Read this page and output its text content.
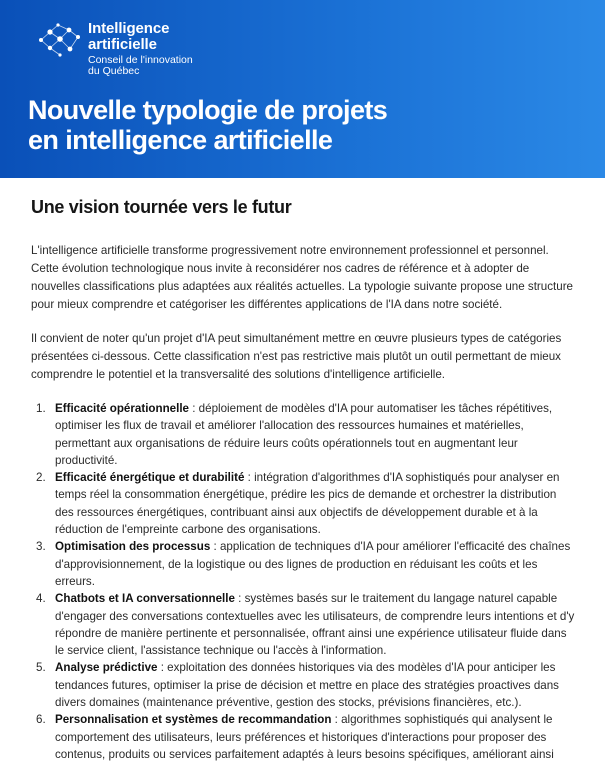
Intelligence
artificielle
Conseil de l'innovation
du Québec
Nouvelle typologie de projets
en intelligence artificielle
Une vision tournée vers le futur

L'intelligence artificielle transforme progressivement notre environnement professionnel et personnel. Cette évolution technologique nous invite à reconsidérer nos cadres de référence et à adopter de nouvelles classifications plus adaptées aux réalités actuelles. La typologie suivante propose une structure pour mieux comprendre et catégoriser les différentes applications de l'IA dans notre société.

Il convient de noter qu'un projet d'IA peut simultanément mettre en œuvre plusieurs types de catégories présentées ci-dessous. Cette classification n'est pas restrictive mais plutôt un outil permettant de mieux comprendre le potentiel et la transversalité des solutions d'intelligence artificielle.

1. Efficacité opérationnelle : déploiement de modèles d'IA pour automatiser les tâches répétitives, optimiser les flux de travail et améliorer l'allocation des ressources humaines et matérielles, permettant aux organisations de réduire leurs coûts opérationnels tout en augmentant leur productivité.
2. Efficacité énergétique et durabilité : intégration d'algorithmes d'IA sophistiqués pour analyser en temps réel la consommation énergétique, prédire les pics de demande et orchestrer la distribution des ressources énergétiques, contribuant ainsi aux objectifs de développement durable et à la réduction de l'empreinte carbone des organisations.
3. Optimisation des processus : application de techniques d'IA pour améliorer l'efficacité des chaînes d'approvisionnement, de la logistique ou des lignes de production en réduisant les coûts et les erreurs.
4. Chatbots et IA conversationnelle : systèmes basés sur le traitement du langage naturel capable d'engager des conversations contextuelles avec les utilisateurs, de comprendre leurs intentions et d'y répondre de manière pertinente et personnalisée, offrant ainsi une expérience utilisateur fluide dans le service client, l'assistance technique ou l'accès à l'information.
5. Analyse prédictive : exploitation des données historiques via des modèles d'IA pour anticiper les tendances futures, optimiser la prise de décision et mettre en place des stratégies proactives dans divers domaines (maintenance préventive, gestion des stocks, prévisions financières, etc.).
6. Personnalisation et systèmes de recommandation : algorithmes sophistiqués qui analysent le comportement des utilisateurs, leurs préférences et historiques d'interactions pour proposer des contenus, produits ou services parfaitement adaptés à leurs besoins spécifiques, améliorant ainsi
